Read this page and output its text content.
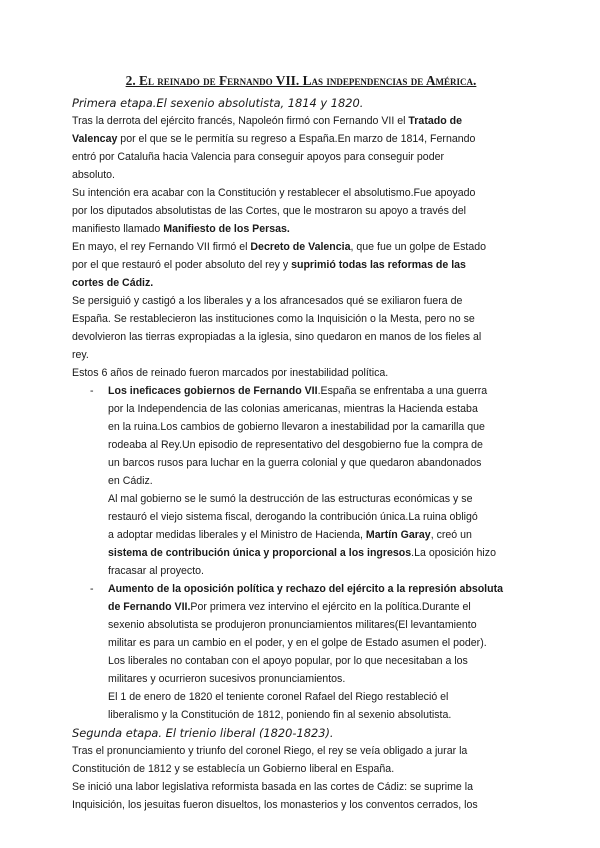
2. El reinado de Fernando VII. Las independencias de América.
Primera etapa.El sexenio absolutista, 1814 y 1820.
Tras la derrota del ejército francés, Napoleón firmó con Fernando VII el Tratado de
Valencay por el que se le permitía su regreso a España.En marzo de 1814, Fernando
entró por Cataluña hacia Valencia para conseguir apoyos para conseguir poder
absoluto.
Su intención era acabar con la Constitución y restablecer el absolutismo.Fue apoyado
por los diputados absolutistas de las Cortes, que le mostraron su apoyo a través del
manifiesto llamado Manifiesto de los Persas.
En mayo, el rey Fernando VII firmó el Decreto de Valencia, que fue un golpe de Estado
por el que restauró el poder absoluto del rey y suprimió todas las reformas de las
cortes de Cádiz.
Se persiguió y castigó a los liberales y a los afrancesados qué se exiliaron fuera de
España. Se restablecieron las instituciones como la Inquisición o la Mesta, pero no se
devolvieron las tierras expropiadas a la iglesia, sino quedaron en manos de los fieles al
rey.
Estos 6 años de reinado fueron marcados por inestabilidad política.
- Los ineficaces gobiernos de Fernando VII.España se enfrentaba a una guerra
por la Independencia de las colonias americanas, mientras la Hacienda estaba
en la ruina.Los cambios de gobierno llevaron a inestabilidad por la camarilla que
rodeaba al Rey.Un episodio de representativo del desgobierno fue la compra de
un barcos rusos para luchar en la guerra colonial y que quedaron abandonados
en Cádiz.
Al mal gobierno se le sumó la destrucción de las estructuras económicas y se
restauró el viejo sistema fiscal, derogando la contribución única.La ruina obligó
a adoptar medidas liberales y el Ministro de Hacienda, Martín Garay, creó un
sistema de contribución única y proporcional a los ingresos.La oposición hizo
fracasar al proyecto.
- Aumento de la oposición política y rechazo del ejército a la represión absoluta
de Fernando VII.Por primera vez intervino el ejército en la política.Durante el
sexenio absolutista se produjeron pronunciamientos militares(El levantamiento
militar es para un cambio en el poder, y en el golpe de Estado asumen el poder).
Los liberales no contaban con el apoyo popular, por lo que necesitaban a los
militares y ocurrieron sucesivos pronunciamientos.
El 1 de enero de 1820 el teniente coronel Rafael del Riego restableció el
liberalismo y la Constitución de 1812, poniendo fin al sexenio absolutista.
Segunda etapa. El trienio liberal (1820-1823).
Tras el pronunciamiento y triunfo del coronel Riego, el rey se veía obligado a jurar la
Constitución de 1812 y se establecía un Gobierno liberal en España.
Se inició una labor legislativa reformista basada en las cortes de Cádiz: se suprime la
Inquisición, los jesuitas fueron disueltos, los monasterios y los conventos cerrados, los
